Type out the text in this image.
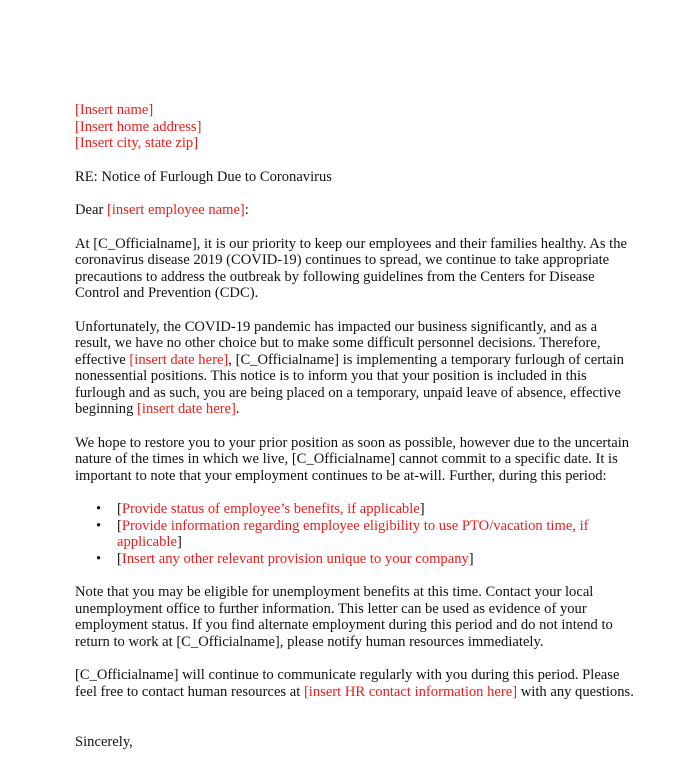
[Insert name]
[Insert home address]
[Insert city, state zip]

RE: Notice of Furlough Due to Coronavirus

Dear [insert employee name]:

At [C_Officialname], it is our priority to keep our employees and their families healthy. As the coronavirus disease 2019 (COVID-19) continues to spread, we continue to take appropriate precautions to address the outbreak by following guidelines from the Centers for Disease Control and Prevention (CDC).

Unfortunately, the COVID-19 pandemic has impacted our business significantly, and as a result, we have no other choice but to make some difficult personnel decisions. Therefore, effective [insert date here], [C_Officialname] is implementing a temporary furlough of certain nonessential positions. This notice is to inform you that your position is included in this furlough and as such, you are being placed on a temporary, unpaid leave of absence, effective beginning [insert date here].

We hope to restore you to your prior position as soon as possible, however due to the uncertain nature of the times in which we live, [C_Officialname] cannot commit to a specific date. It is important to note that your employment continues to be at-will. Further, during this period:

• [Provide status of employee’s benefits, if applicable]
• [Provide information regarding employee eligibility to use PTO/vacation time, if applicable]
• [Insert any other relevant provision unique to your company]

Note that you may be eligible for unemployment benefits at this time. Contact your local unemployment office to further information. This letter can be used as evidence of your employment status. If you find alternate employment during this period and do not intend to return to work at [C_Officialname], please notify human resources immediately.

[C_Officialname] will continue to communicate regularly with you during this period. Please feel free to contact human resources at [insert HR contact information here] with any questions.

Sincerely,
